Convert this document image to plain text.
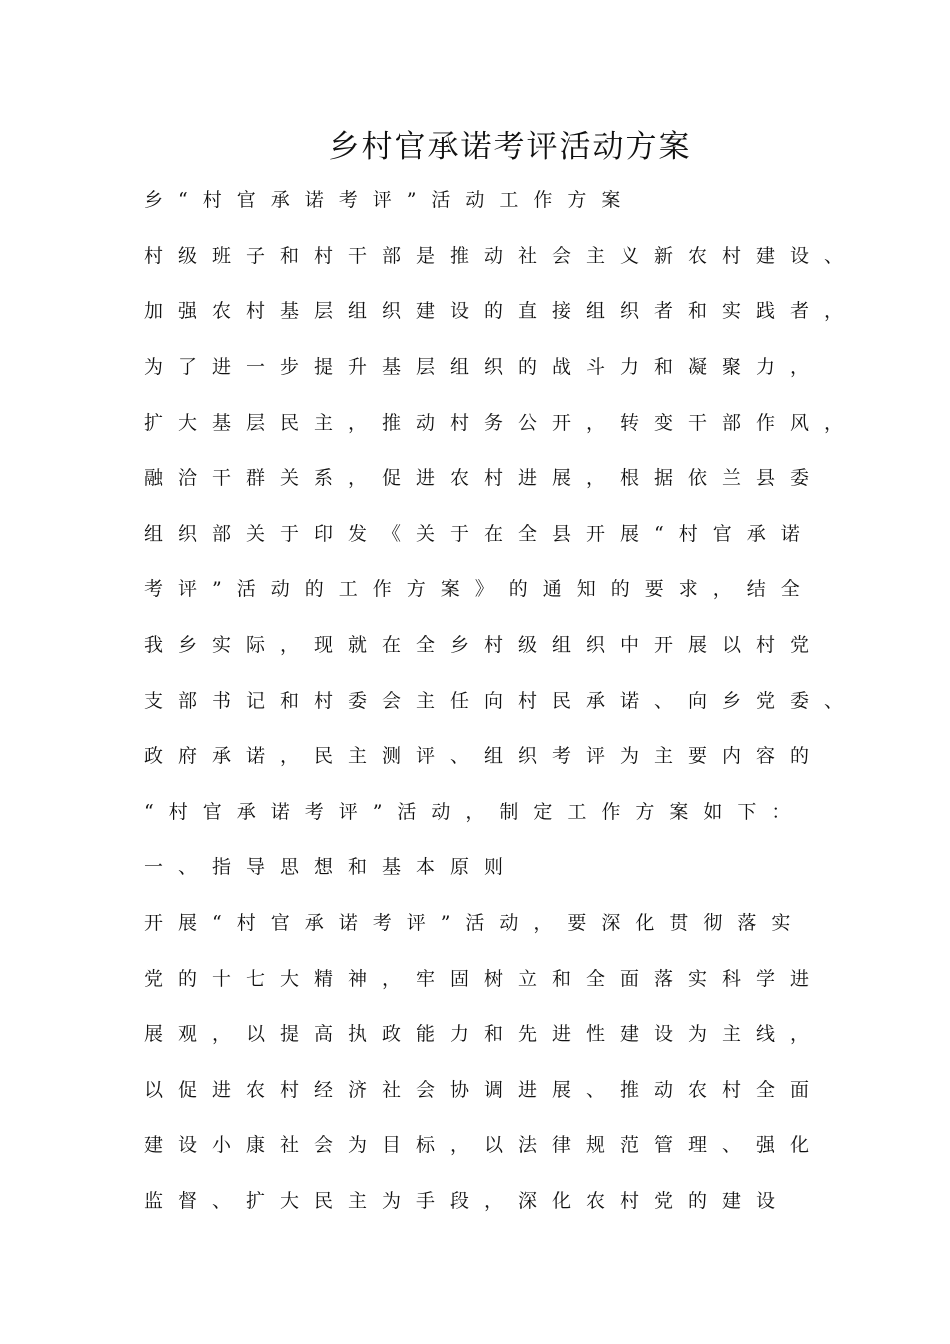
乡村官承诺考评活动方案
乡“村官承诺考评”活动工作方案
村级班子和村干部是推动社会主义新农村建设、
加强农村基层组织建设的直接组织者和实践者，
为了进一步提升基层组织的战斗力和凝聚力，
扩大基层民主，推动村务公开，转变干部作风，
融洽干群关系，促进农村进展，根据依兰县委
组织部关于印发《关于在全县开展“村官承诺
考评”活动的工作方案》的通知的要求，结全
我乡实际，现就在全乡村级组织中开展以村党
支部书记和村委会主任向村民承诺、向乡党委、
政府承诺，民主测评、组织考评为主要内容的
“村官承诺考评”活动，制定工作方案如下：
一、指导思想和基本原则
开展“村官承诺考评”活动，要深化贯彻落实
党的十七大精神，牢固树立和全面落实科学进
展观，以提高执政能力和先进性建设为主线，
以促进农村经济社会协调进展、推动农村全面
建设小康社会为目标，以法律规范管理、强化
监督、扩大民主为手段，深化农村党的建设
